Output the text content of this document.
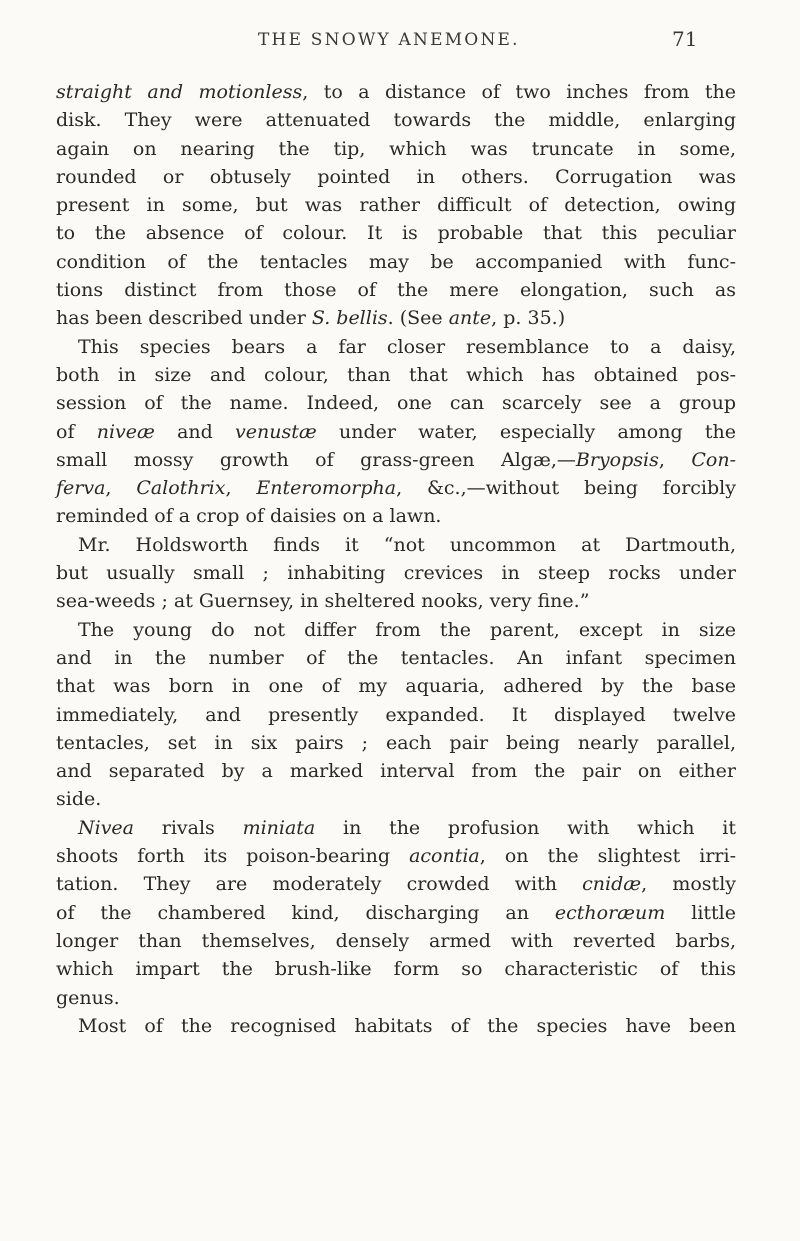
THE SNOWY ANEMONE.	71
straight and motionless, to a distance of two inches from the
disk. They were attenuated towards the middle, enlarging
again on nearing the tip, which was truncate in some,
rounded or obtusely pointed in others. Corrugation was
present in some, but was rather difficult of detection, owing
to the absence of colour. It is probable that this peculiar
condition of the tentacles may be accompanied with func-
tions distinct from those of the mere elongation, such as
has been described under S. bellis. (See ante, p. 35.)
This species bears a far closer resemblance to a daisy,
both in size and colour, than that which has obtained pos-
session of the name. Indeed, one can scarcely see a group
of niveæ and venustæ under water, especially among the
small mossy growth of grass-green Algæ,—Bryopsis, Con-
ferva, Calothrix, Enteromorpha, &c.,—without being forcibly
reminded of a crop of daisies on a lawn.
Mr. Holdsworth finds it “not uncommon at Dartmouth,
but usually small ; inhabiting crevices in steep rocks under
sea-weeds ; at Guernsey, in sheltered nooks, very fine.”
The young do not differ from the parent, except in size
and in the number of the tentacles. An infant specimen
that was born in one of my aquaria, adhered by the base
immediately, and presently expanded. It displayed twelve
tentacles, set in six pairs ; each pair being nearly parallel,
and separated by a marked interval from the pair on either
side.
Nivea rivals miniata in the profusion with which it
shoots forth its poison-bearing acontia, on the slightest irri-
tation. They are moderately crowded with cnidæ, mostly
of the chambered kind, discharging an ecthoræum little
longer than themselves, densely armed with reverted barbs,
which impart the brush-like form so characteristic of this
genus.
Most of the recognised habitats of the species have been
